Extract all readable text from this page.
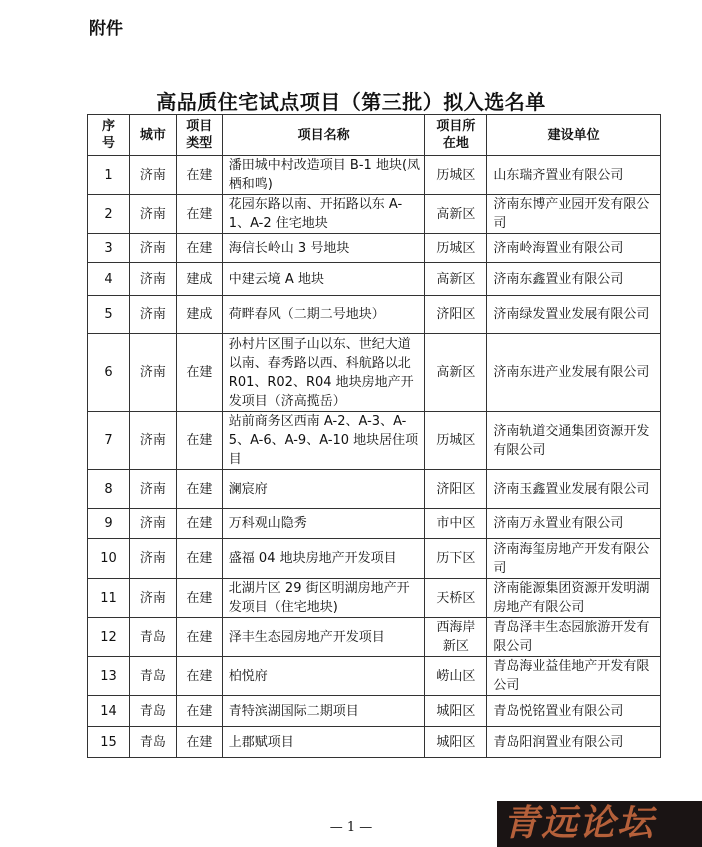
附件
高品质住宅试点项目（第三批）拟入选名单
序号	城市	项目类型	项目名称	项目所在地	建设单位
1	济南	在建	潘田城中村改造项目 B-1 地块(凤栖和鸣)	历城区	山东瑞齐置业有限公司
2	济南	在建	花园东路以南、开拓路以东 A-1、A-2 住宅地块	高新区	济南东博产业园开发有限公司
3	济南	在建	海信长岭山 3 号地块	历城区	济南岭海置业有限公司
4	济南	建成	中建云境 A 地块	高新区	济南东鑫置业有限公司
5	济南	建成	荷畔春风（二期二号地块）	济阳区	济南绿发置业发展有限公司
6	济南	在建	孙村片区围子山以东、世纪大道以南、春秀路以西、科航路以北 R01、R02、R04 地块房地产开发项目（济高揽岳）	高新区	济南东进产业发展有限公司
7	济南	在建	站前商务区西南 A-2、A-3、A-5、A-6、A-9、A-10 地块居住项目	历城区	济南轨道交通集团资源开发有限公司
8	济南	在建	澜宸府	济阳区	济南玉鑫置业发展有限公司
9	济南	在建	万科观山隐秀	市中区	济南万永置业有限公司
10	济南	在建	盛福 04 地块房地产开发项目	历下区	济南海玺房地产开发有限公司
11	济南	在建	北湖片区 29 街区明湖房地产开发项目（住宅地块)	天桥区	济南能源集团资源开发明湖房地产有限公司
12	青岛	在建	泽丰生态园房地产开发项目	西海岸新区	青岛泽丰生态园旅游开发有限公司
13	青岛	在建	柏悦府	崂山区	青岛海业益佳地产开发有限公司
14	青岛	在建	青特滨湖国际二期项目	城阳区	青岛悦铭置业有限公司
15	青岛	在建	上郡赋项目	城阳区	青岛阳润置业有限公司
— 1 —	青远论坛
